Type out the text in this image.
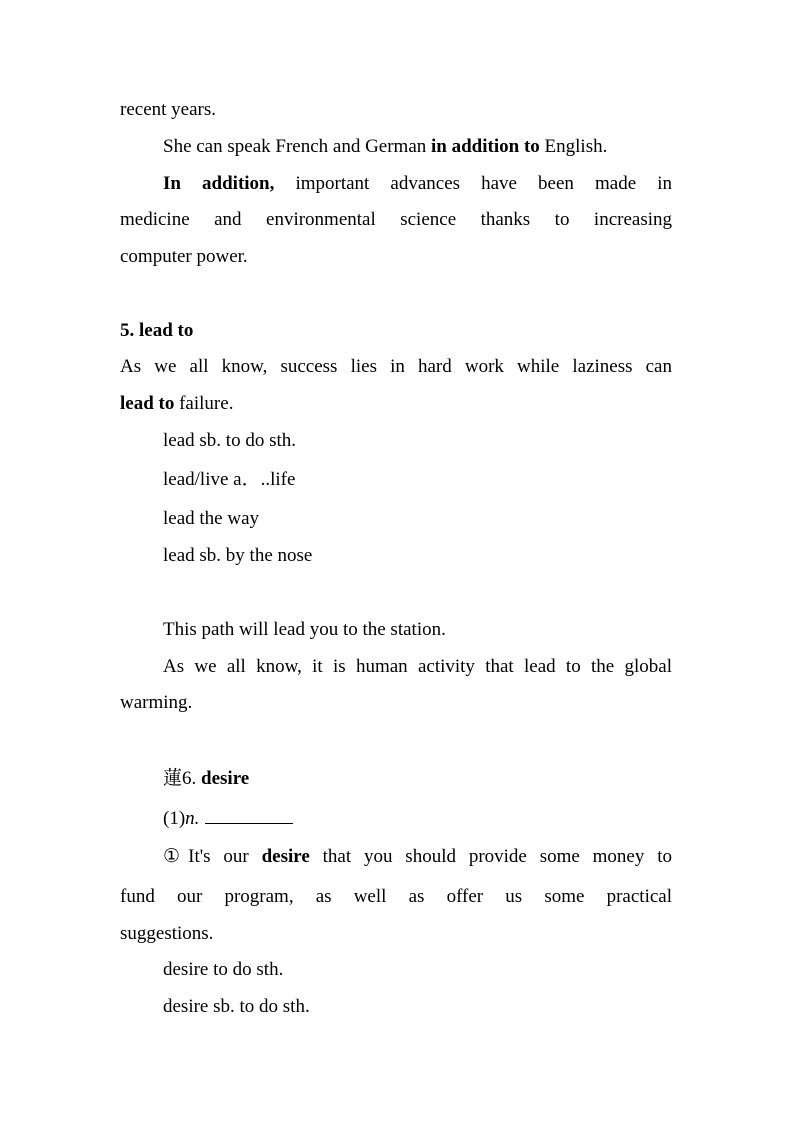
recent years.
She can speak French and German in addition to English.
In addition, important advances have been made in
medicine and environmental science thanks to increasing
computer power.
5. lead to
As we all know, success lies in hard work while laziness can
lead to failure.
lead sb. to do sth.
lead/live a．..life
lead the way
lead sb. by the nose
This path will lead you to the station.
As we all know, it is human activity that lead to the global
warming.
蓮6. desire
(1)n.
①It's our desire that you should provide some money to
fund our program, as well as offer us some practical
suggestions.
desire to do sth.
desire sb. to do sth.
